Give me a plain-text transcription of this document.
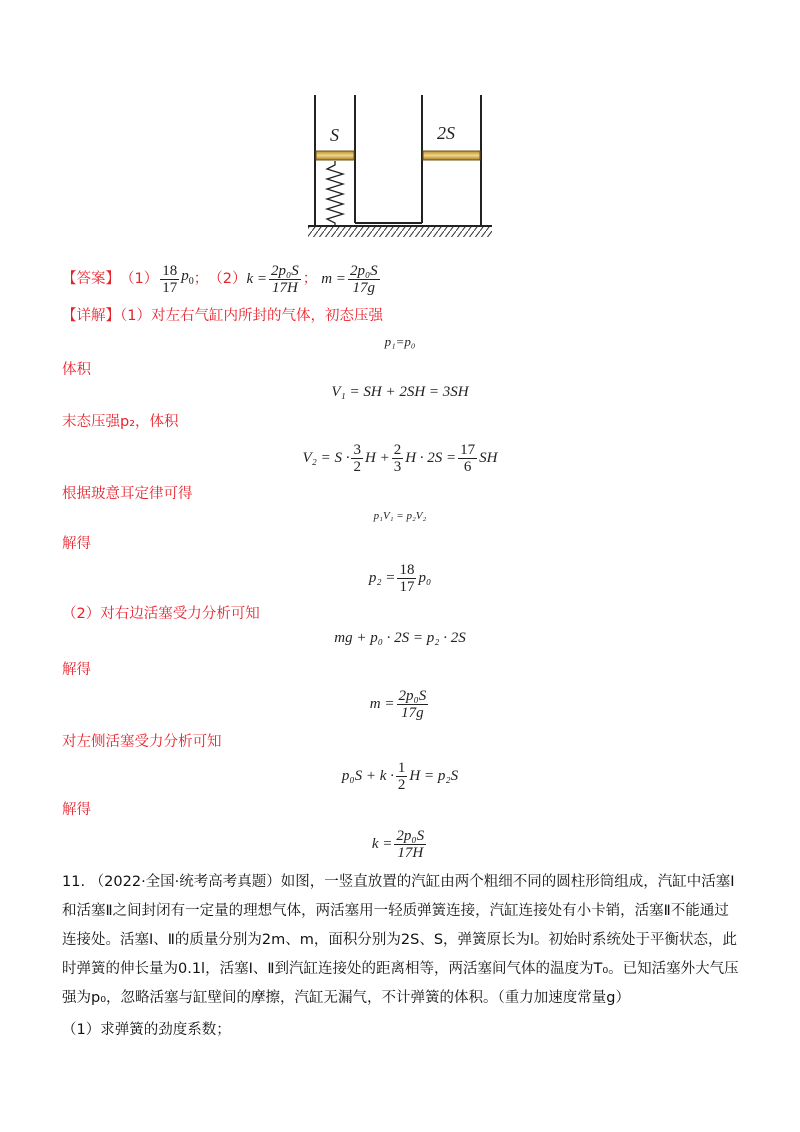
S	2S
【答案】 $(1) \frac{18}{17} p_0$ ； （2） $k = \frac{\text{2p₀S}}{17H}$ ； $m = \frac{\text{2p₀S}}{17g}$
【详解】（1）对左右气缸内所封的气体，初态压强
p₁=p₀
体积
V₁ = SH + 2SH = 3SH
末态压强p₂，体积
$V_2 = S \cdot \frac{3}{2}$ $H + \frac{2}{3}$ $H \cdot 2S = \frac{17}{6}$ SH
根据玻意耳定律可得
p₁V₁ = p₂V₂
解得
$p_2 = \frac{18}{17} p_0$
（2）对右边活塞受力分析可知
mg + p₀ · 2S = p₂ · 2S
解得
$m = \frac{\text{2p₀S}}{17g}$
对左侧活塞受力分析可知
$p_0S + k \cdot \frac{1}{2}$ H = p₂S
解得
$k = \frac{\text{2p₀S}}{17H}$
11. （2022·全国·统考高考真题）如图，一竖直放置的汽缸由两个粗细不同的圆柱形筒组成，汽缸中活塞Ⅰ和活塞Ⅱ之间封闭有一定量的理想气体，两活塞用一轻质弹簧连接，汽缸连接处有小卡销，活塞Ⅱ不能通过连接处。活塞Ⅰ、Ⅱ的质量分别为2m、m，面积分别为2S、S，弹簧原长为l。初始时系统处于平衡状态，此时弹簧的伸长量为0.1l，活塞Ⅰ、Ⅱ到汽缸连接处的距离相等，两活塞间气体的温度为T₀。已知活塞外大气压强为p₀，忽略活塞与缸壁间的摩擦，汽缸无漏气，不计弹簧的体积。（重力加速度常量g）
（1）求弹簧的劲度系数；
